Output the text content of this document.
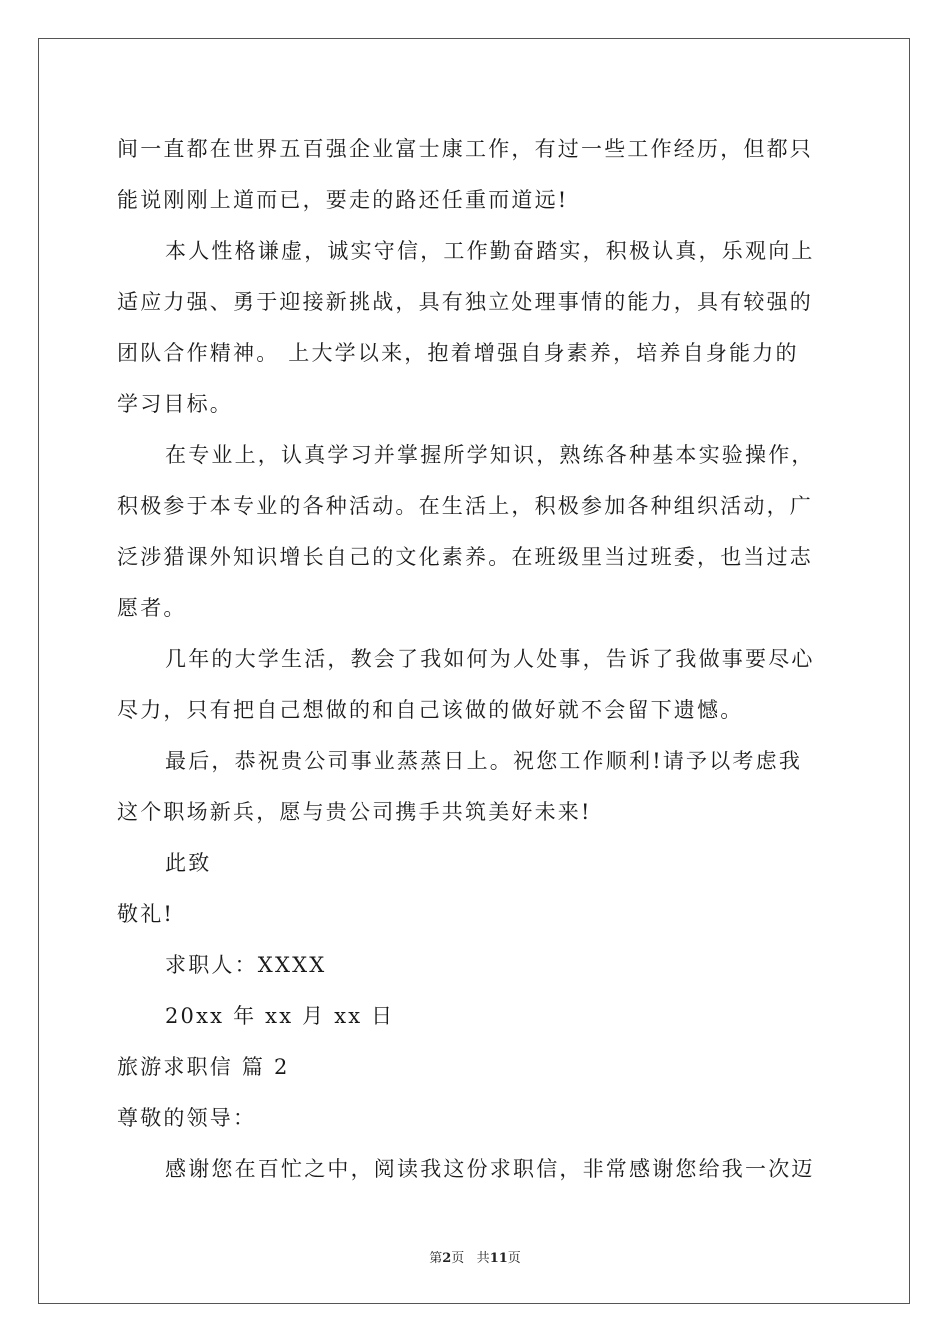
间一直都在世界五百强企业富士康工作，有过一些工作经历，但都只
能说刚刚上道而已，要走的路还任重而道远!
本人性格谦虚，诚实守信，工作勤奋踏实，积极认真，乐观向上
适应力强、勇于迎接新挑战，具有独立处理事情的能力，具有较强的
团队合作精神。 上大学以来，抱着增强自身素养，培养自身能力的
学习目标。
在专业上，认真学习并掌握所学知识，熟练各种基本实验操作，
积极参于本专业的各种活动。在生活上，积极参加各种组织活动，广
泛涉猎课外知识增长自己的文化素养。在班级里当过班委，也当过志
愿者。
几年的大学生活，教会了我如何为人处事，告诉了我做事要尽心
尽力，只有把自己想做的和自己该做的做好就不会留下遗憾。
最后，恭祝贵公司事业蒸蒸日上。祝您工作顺利!请予以考虑我
这个职场新兵，愿与贵公司携手共筑美好未来!
此致
敬礼!
求职人：XXXX
20xx 年 xx 月 xx 日
旅游求职信 篇 2
尊敬的领导：
感谢您在百忙之中，阅读我这份求职信，非常感谢您给我一次迈
第2页 共11页
